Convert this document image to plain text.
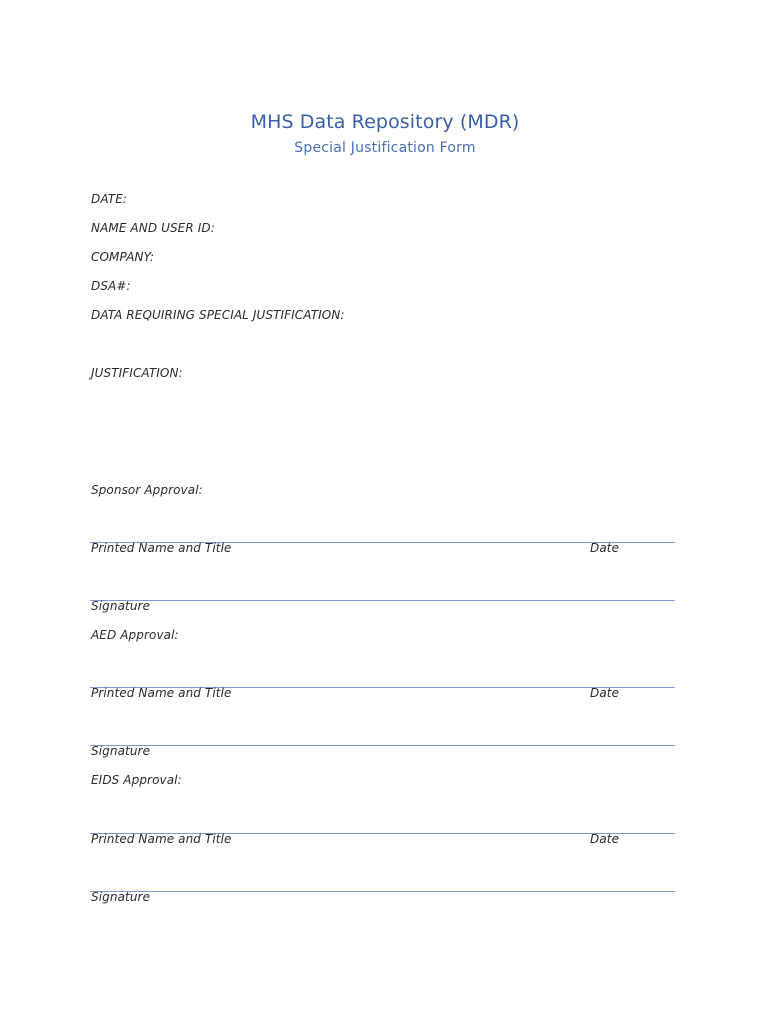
MHS Data Repository (MDR)
Special Justification Form
DATE:
NAME AND USER ID:
COMPANY:
DSA#:
DATA REQUIRING SPECIAL JUSTIFICATION:
JUSTIFICATION:
Sponsor Approval:
Printed Name and Title	Date
Signature
AED Approval:
Printed Name and Title	Date
Signature
EIDS Approval:
Printed Name and Title	Date
Signature
